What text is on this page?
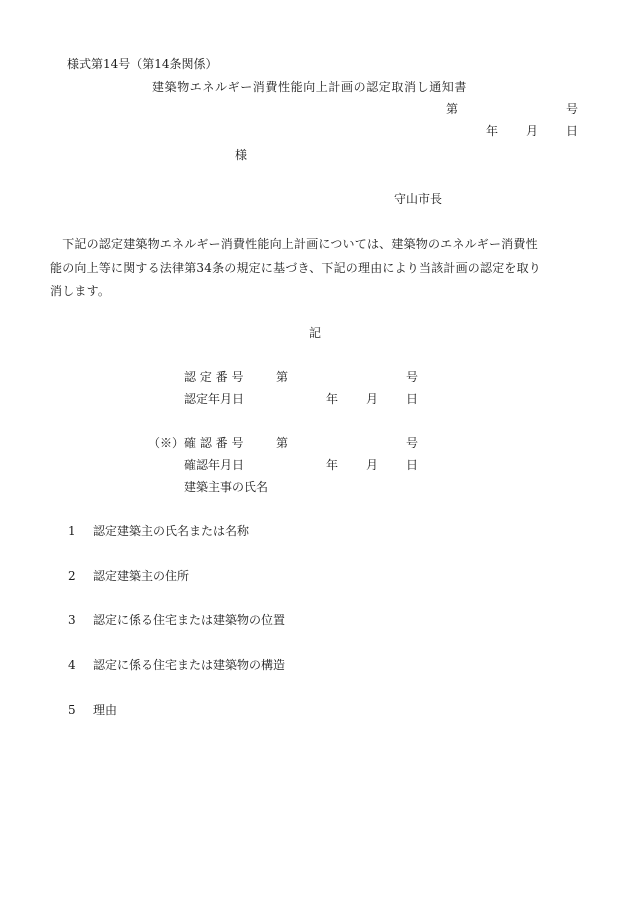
様式第14号（第14条関係）
建築物エネルギー消費性能向上計画の認定取消し通知書
第	号
年 月 日
様
守山市長
　下記の認定建築物エネルギー消費性能向上計画については、建築物のエネルギー消費性
能の向上等に関する法律第34条の規定に基づき、下記の理由により当該計画の認定を取り
消します。
記
認 定 番 号	第	号
認定年月日	年 月 日
（※） 確 認 番 号	第	号
確認年月日	年 月 日
建築主事の氏名
1 認定建築主の氏名または名称
2 認定建築主の住所
3 認定に係る住宅または建築物の位置
4 認定に係る住宅または建築物の構造
5 理由
